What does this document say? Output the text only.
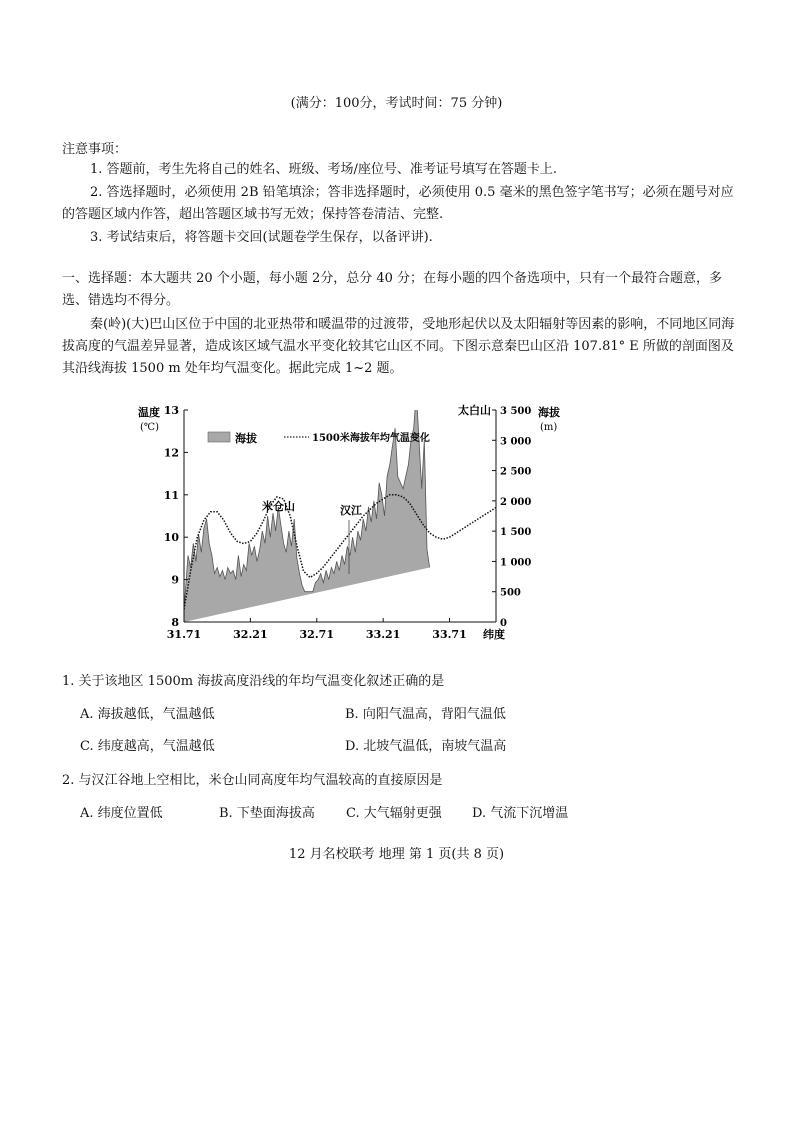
(满分：100分，考试时间：75 分钟)
注意事项：
1. 答题前，考生先将自己的姓名、班级、考场/座位号、准考证号填写在答题卡上.
2. 答选择题时，必须使用 2B 铅笔填涂；答非选择题时，必须使用 0.5 毫米的黑色签字笔书写；必须在题号对应的答题区域内作答，超出答题区域书写无效；保持答卷清洁、完整.
3. 考试结束后，将答题卡交回(试题卷学生保存，以备评讲).
一、选择题：本大题共 20 个小题，每小题 2分，总分 40 分；在每小题的四个备选项中，只有一个最符合题意，多选、错选均不得分。
秦(岭)(大)巴山区位于中国的北亚热带和暖温带的过渡带，受地形起伏以及太阳辐射等因素的影响，不同地区同海拔高度的气温差异显著，造成该区域气温水平变化较其它山区不同。下图示意秦巴山区沿 107.81° E 所做的剖面图及其沿线海拔 1500 m 处年均气温变化。据此完成 1~2 题。
温度
(℃)
海拔
(m)
13
12
11
10
9
8
3 500
3 000
2 500
2 000
1 500
1 000
500
0
31.71	32.21	32.71	33.21	33.71 纬度
海拔	1500米海拔年均气温变化
米仓山	汉江
太白山
1. 关于该地区 1500m 海拔高度沿线的年均气温变化叙述正确的是
A. 海拔越低，气温越低	B. 向阳气温高，背阳气温低
C. 纬度越高，气温越低	D. 北坡气温低，南坡气温高
2. 与汉江谷地上空相比，米仓山同高度年均气温较高的直接原因是
A. 纬度位置低	B. 下垫面海拔高 C. 大气辐射更强 D. 气流下沉增温
12 月名校联考 地理 第 1 页(共 8 页)
